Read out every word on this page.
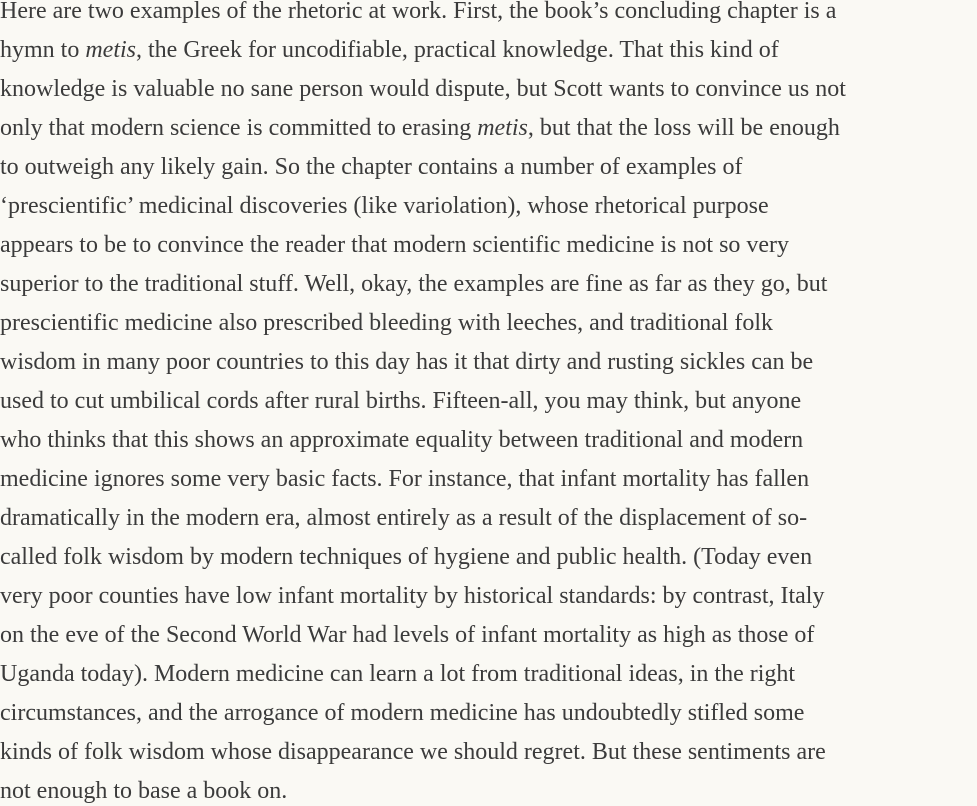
Here are two examples of the rhetoric at work. First, the book’s concluding chapter is a

hymn to metis, the Greek for uncodifiable, practical knowledge. That this kind of

knowledge is valuable no sane person would dispute, but Scott wants to convince us not

only that modern science is committed to erasing metis, but that the loss will be enough

to outweigh any likely gain. So the chapter contains a number of examples of

‘prescientific’ medicinal discoveries (like variolation), whose rhetorical purpose

appears to be to convince the reader that modern scientific medicine is not so very

superior to the traditional stuff. Well, okay, the examples are fine as far as they go, but

prescientific medicine also prescribed bleeding with leeches, and traditional folk

wisdom in many poor countries to this day has it that dirty and rusting sickles can be

used to cut umbilical cords after rural births. Fifteen-all, you may think, but anyone

who thinks that this shows an approximate equality between traditional and modern

medicine ignores some very basic facts. For instance, that infant mortality has fallen

dramatically in the modern era, almost entirely as a result of the displacement of so-

called folk wisdom by modern techniques of hygiene and public health. (Today even

very poor counties have low infant mortality by historical standards: by contrast, Italy

on the eve of the Second World War had levels of infant mortality as high as those of

Uganda today). Modern medicine can learn a lot from traditional ideas, in the right

circumstances, and the arrogance of modern medicine has undoubtedly stifled some

kinds of folk wisdom whose disappearance we should regret. But these sentiments are

not enough to base a book on.
